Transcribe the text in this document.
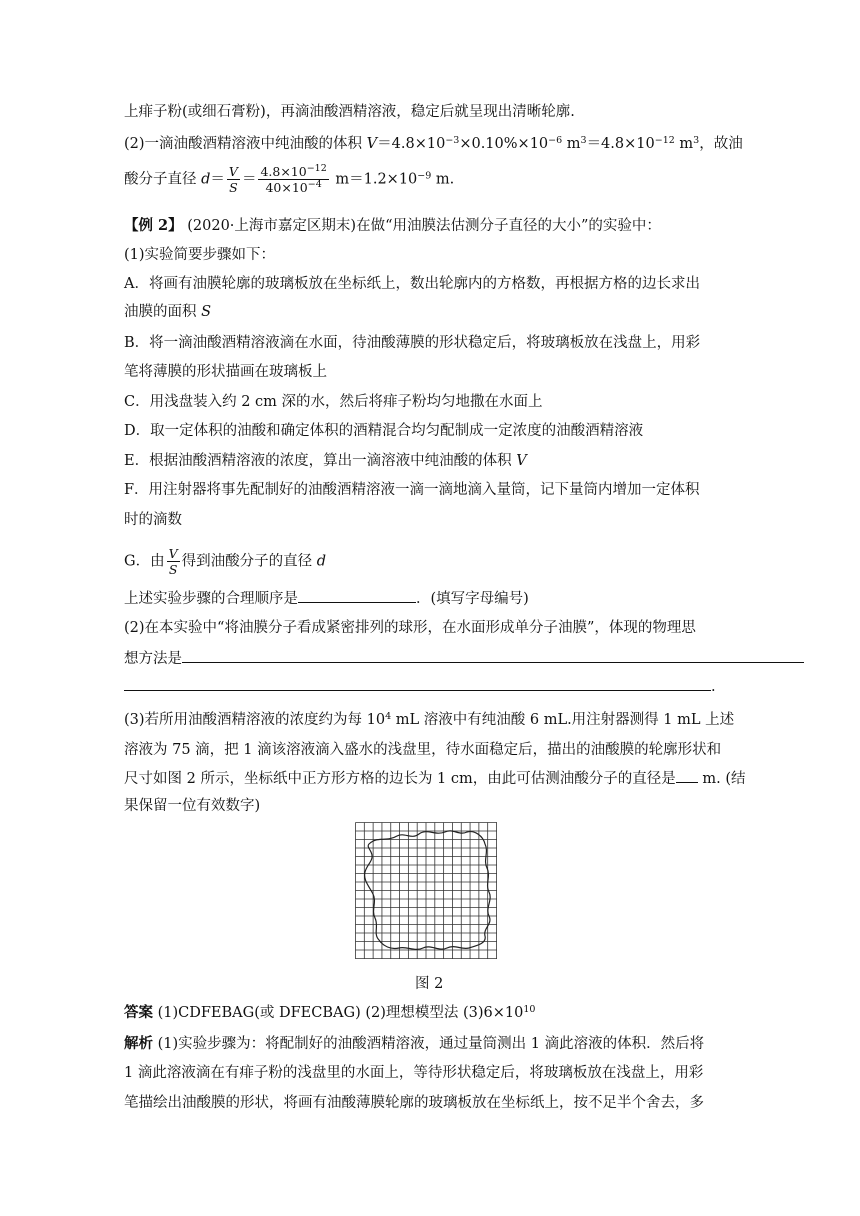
上痱子粉(或细石膏粉)，再滴油酸酒精溶液，稳定后就呈现出清晰轮廓.
(2)一滴油酸酒精溶液中纯油酸的体积 $V=4.8\times 10^{-3}\times 0.10\%\times 10^{-6}$ $m^3=4.8\times 10^{-12}$ $m^3$，故油
酸分子直径 $d= \frac{V}{S} = \frac{4.8\times 10^{-12}}{40\times 10^{-4}} m=1.2\times 10^{-9}$ m.
【例 2】 (2020·上海市嘉定区期末)在做“用油膜法估测分子直径的大小”的实验中：
(1)实验简要步骤如下：
A．将画有油膜轮廓的玻璃板放在坐标纸上，数出轮廓内的方格数，再根据方格的边长求出
油膜的面积 S
B．将一滴油酸酒精溶液滴在水面，待油酸薄膜的形状稳定后，将玻璃板放在浅盘上，用彩
笔将薄膜的形状描画在玻璃板上
C．用浅盘装入约 2 cm 深的水，然后将痱子粉均匀地撒在水面上
D．取一定体积的油酸和确定体积的酒精混合均匀配制成一定浓度的油酸酒精溶液
E．根据油酸酒精溶液的浓度，算出一滴溶液中纯油酸的体积 V
F．用注射器将事先配制好的油酸酒精溶液一滴一滴地滴入量筒，记下量筒内增加一定体积
时的滴数
G．由 $\frac{V}{S}$ 得到油酸分子的直径 d
上述实验步骤的合理顺序是	．(填写字母编号)
(2)在本实验中“将油膜分子看成紧密排列的球形，在水面形成单分子油膜”，体现的物理思
想方法是
.
(3)若所用油酸酒精溶液的浓度约为每 $10^4$ mL 溶液中有纯油酸 6 mL.用注射器测得 1 mL 上述
溶液为 75 滴，把 1 滴该溶液滴入盛水的浅盘里，待水面稳定后，描出的油酸膜的轮廓形状和
尺寸如图 2 所示，坐标纸中正方形方格的边长为 1 cm，由此可估测油酸分子的直径是 m. (结
果保留一位有效数字)
图 2
答案 (1)CDFEBAG(或 DFECBAG) (2)理想模型法 $(3)6\times 10^{10}$
解析 (1)实验步骤为：将配制好的油酸酒精溶液，通过量筒测出 1 滴此溶液的体积．然后将
1 滴此溶液滴在有痱子粉的浅盘里的水面上，等待形状稳定后，将玻璃板放在浅盘上，用彩
笔描绘出油酸膜的形状，将画有油酸薄膜轮廓的玻璃板放在坐标纸上，按不足半个舍去，多
